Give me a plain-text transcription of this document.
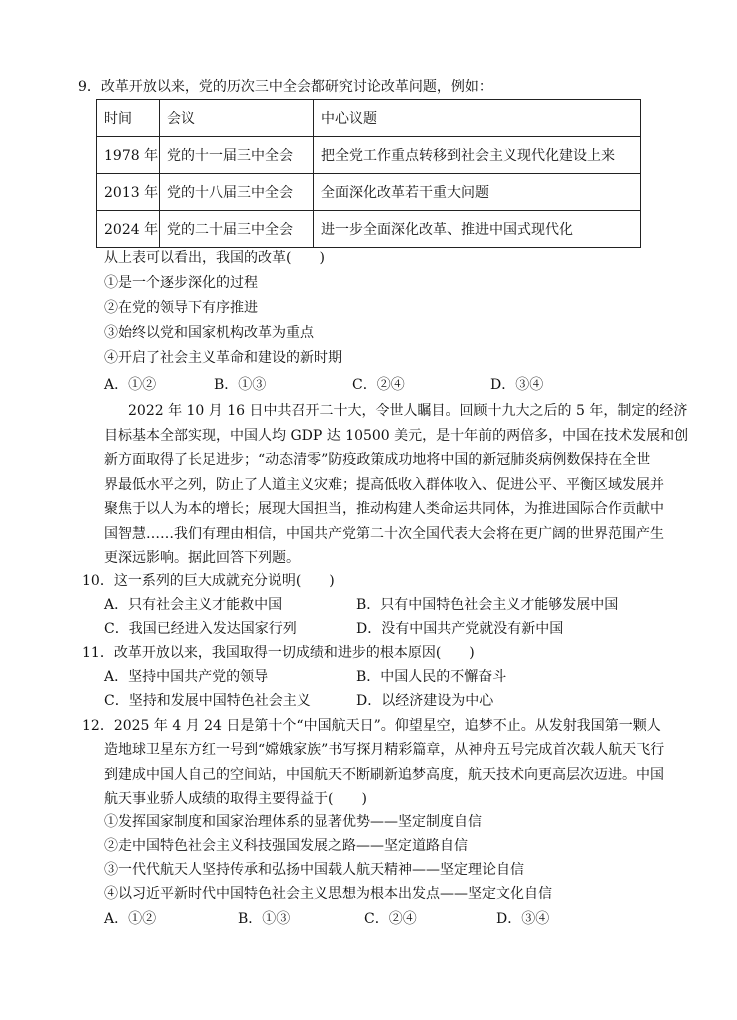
9．改革开放以来，党的历次三中全会都研究讨论改革问题，例如：
时间	会议	中心议题
1978 年	党的十一届三中全会	把全党工作重点转移到社会主义现代化建设上来
2013 年	党的十八届三中全会	全面深化改革若干重大问题
2024 年	党的二十届三中全会	进一步全面深化改革、推进中国式现代化
从上表可以看出，我国的改革(　　)
①是一个逐步深化的过程
②在党的领导下有序推进
③始终以党和国家机构改革为重点
④开启了社会主义革命和建设的新时期
A．①②	B．①③	C．②④	D．③④
2022 年 10 月 16 日中共召开二十大，令世人瞩目。回顾十九大之后的 5 年，制定的经济
目标基本全部实现，中国人均 GDP 达 10500 美元，是十年前的两倍多，中国在技术发展和创
新方面取得了长足进步；“动态清零”防疫政策成功地将中国的新冠肺炎病例数保持在全世
界最低水平之列，防止了人道主义灾难；提高低收入群体收入、促进公平、平衡区域发展并
聚焦于以人为本的增长；展现大国担当，推动构建人类命运共同体，为推进国际合作贡献中
国智慧……我们有理由相信，中国共产党第二十次全国代表大会将在更广阔的世界范围产生
更深远影响。据此回答下列题。
10．这一系列的巨大成就充分说明(　　)
A．只有社会主义才能救中国	B．只有中国特色社会主义才能够发展中国
C．我国已经进入发达国家行列	D．没有中国共产党就没有新中国
11．改革开放以来，我国取得一切成绩和进步的根本原因(　　)
A．坚持中国共产党的领导	B．中国人民的不懈奋斗
C．坚持和发展中国特色社会主义	D．以经济建设为中心
12．2025 年 4 月 24 日是第十个“中国航天日”。仰望星空，追梦不止。从发射我国第一颗人
造地球卫星东方红一号到“嫦娥家族”书写探月精彩篇章，从神舟五号完成首次载人航天飞行
到建成中国人自己的空间站，中国航天不断刷新追梦高度，航天技术向更高层次迈进。中国
航天事业骄人成绩的取得主要得益于(　　)
①发挥国家制度和国家治理体系的显著优势——坚定制度自信
②走中国特色社会主义科技强国发展之路——坚定道路自信
③一代代航天人坚持传承和弘扬中国载人航天精神——坚定理论自信
④以习近平新时代中国特色社会主义思想为根本出发点——坚定文化自信
A．①②	B．①③	C．②④	D．③④
